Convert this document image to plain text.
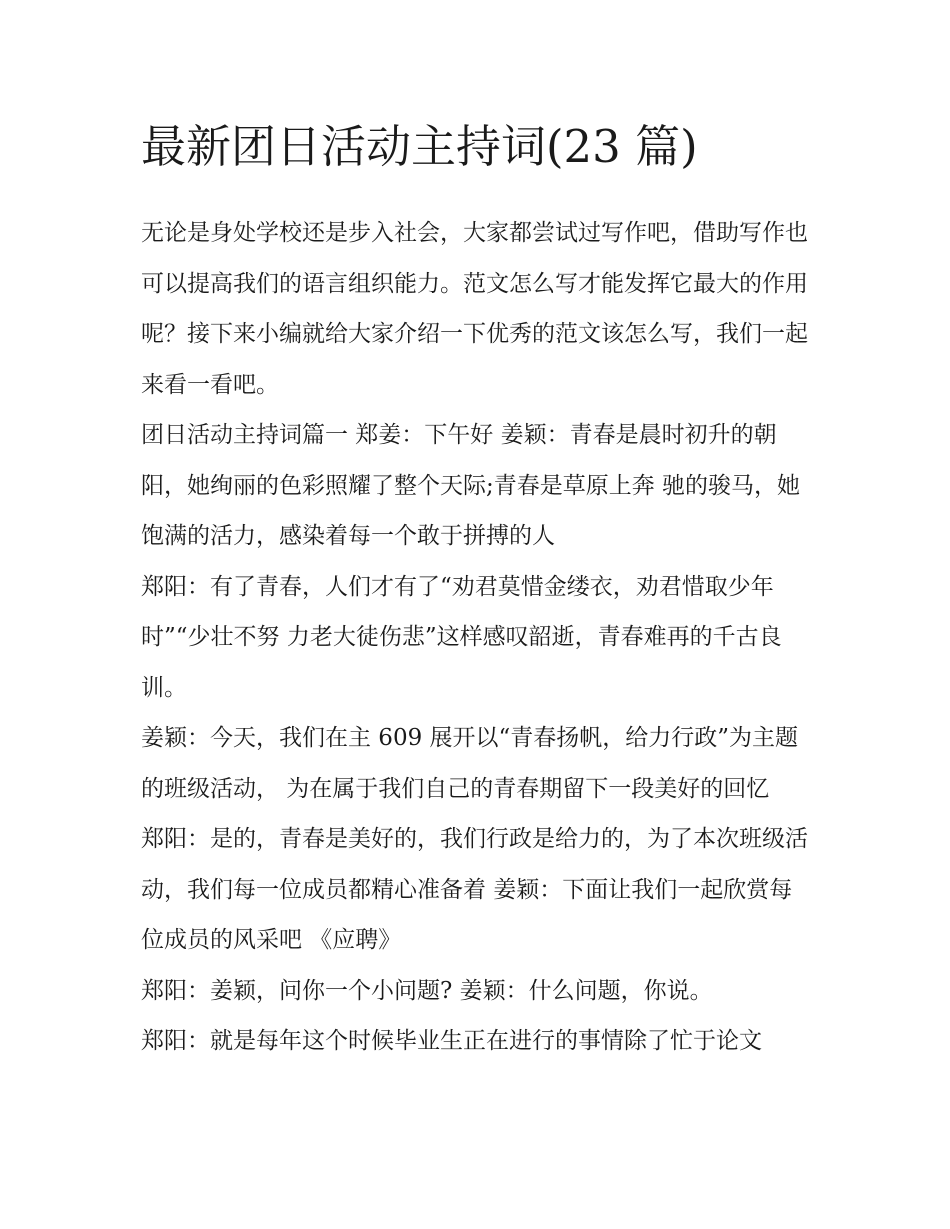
最新团日活动主持词(23 篇)

无论是身处学校还是步入社会，大家都尝试过写作吧，借助写作也可以提高我们的语言组织能力。范文怎么写才能发挥它最大的作用呢？接下来小编就给大家介绍一下优秀的范文该怎么写，我们一起来看一看吧。

团日活动主持词篇一 郑姜：下午好 姜颖：青春是晨时初升的朝阳，她绚丽的色彩照耀了整个天际;青春是草原上奔 驰的骏马，她饱满的活力，感染着每一个敢于拼搏的人

郑阳：有了青春，人们才有了“劝君莫惜金缕衣，劝君惜取少年时”“少壮不努 力老大徒伤悲”这样感叹韶逝，青春难再的千古良训。

姜颖：今天，我们在主 609 展开以“青春扬帆，给力行政”为主题的班级活动， 为在属于我们自己的青春期留下一段美好的回忆

郑阳：是的，青春是美好的，我们行政是给力的，为了本次班级活动，我们每一位成员都精心准备着 姜颖：下面让我们一起欣赏每位成员的风采吧 《应聘》

郑阳：姜颖，问你一个小问题? 姜颖：什么问题，你说。

郑阳：就是每年这个时候毕业生正在进行的事情除了忙于论文
